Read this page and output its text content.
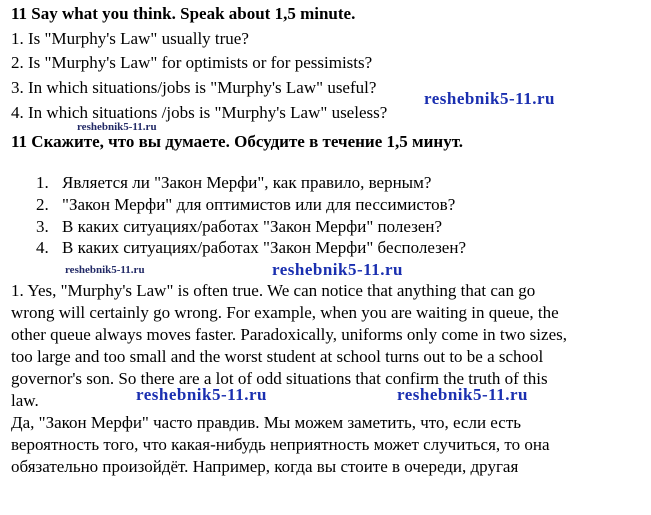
11 Say what you think. Speak about 1,5 minute.
1. Is "Murphy's Law" usually true?
2. Is "Murphy's Law" for optimists or for pessimists?
3. In which situations/jobs is "Murphy's Law" useful?
4. In which situations /jobs is "Murphy's Law" useless?
11 Скажите, что вы думаете. Обсудите в течение 1,5 минут.
1. Является ли "Закон Мерфи", как правило, верным?
2. "Закон Мерфи" для оптимистов или для пессимистов?
3. В каких ситуациях/работах "Закон Мерфи" полезен?
4. В каких ситуациях/работах "Закон Мерфи" бесполезен?
1. Yes, "Murphy's Law" is often true. We can notice that anything that can go
wrong will certainly go wrong. For example, when you are waiting in queue, the
other queue always moves faster. Paradoxically, uniforms only come in two sizes,
too large and too small and the worst student at school turns out to be a school
governor's son. So there are a lot of odd situations that confirm the truth of this
law.
Да, "Закон Мерфи" часто правдив. Мы можем заметить, что, если есть
вероятность того, что какая-нибудь неприятность может случиться, то она
обязательно произойдёт. Например, когда вы стоите в очереди, другая
reshebnik5-11.ru
reshebnik5-11.ru
reshebnik5-11.ru	reshebnik5-11.ru
reshebnik5-11.ru	reshebnik5-11.ru
